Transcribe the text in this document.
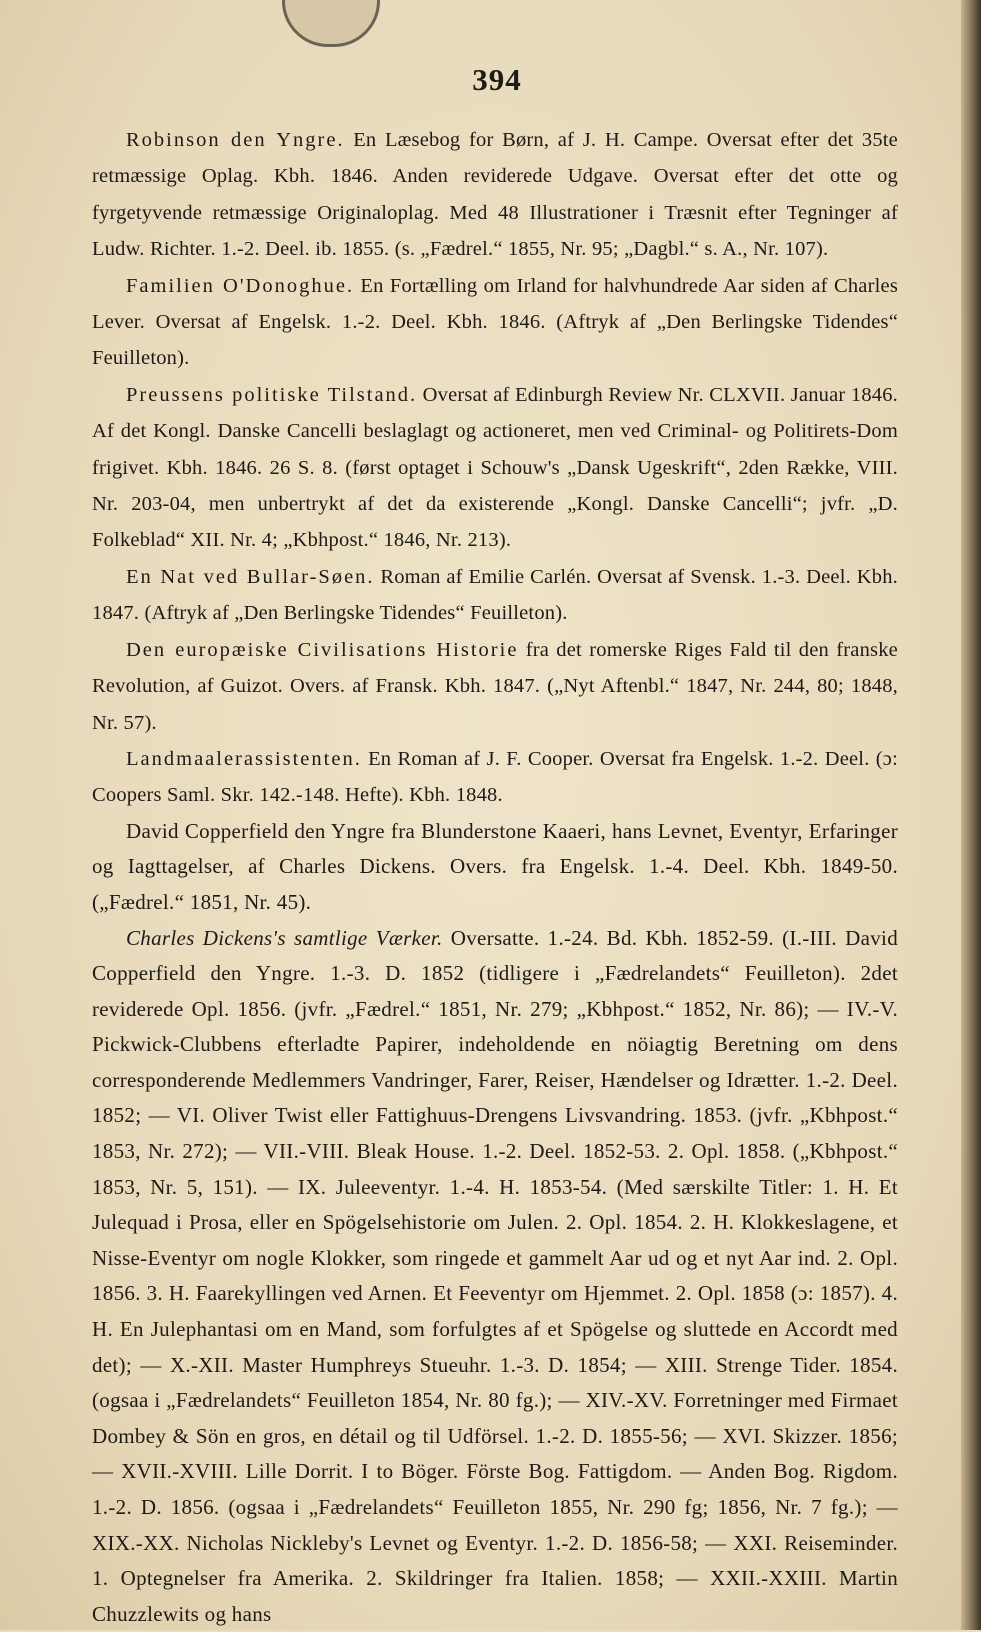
394

Robinson den Yngre. En Læsebog for Børn, af J. H. Campe. Oversat efter det 35te retmæssige Oplag. Kbh. 1846. Anden reviderede Udgave. Oversat efter det otte og fyrgetyvende retmæssige Originaloplag. Med 48 Illustrationer i Træsnit efter Tegninger af Ludw. Richter. 1.-2. Deel. ib. 1855. (s. „Fædrel.“ 1855, Nr. 95; „Dagbl.“ s. A., Nr. 107).

Familien O'Donoghue. En Fortælling om Irland for halvhundrede Aar siden af Charles Lever. Oversat af Engelsk. 1.-2. Deel. Kbh. 1846. (Aftryk af „Den Berlingske Tidendes“ Feuilleton).

Preussens politiske Tilstand. Oversat af Edinburgh Review Nr. CLXVII. Januar 1846. Af det Kongl. Danske Cancelli beslaglagt og actioneret, men ved Criminal- og Politirets-Dom frigivet. Kbh. 1846. 26 S. 8. (først optaget i Schouw's „Dansk Ugeskrift“, 2den Række, VIII. Nr. 203-04, men unbertrykt af det da existerende „Kongl. Danske Cancelli“; jvfr. „D. Folkeblad“ XII. Nr. 4; „Kbhpost.“ 1846, Nr. 213).

En Nat ved Bullar-Søen. Roman af Emilie Carlén. Oversat af Svensk. 1.-3. Deel. Kbh. 1847. (Aftryk af „Den Berlingske Tidendes“ Feuilleton).

Den europæiske Civilisations Historie fra det romerske Riges Fald til den franske Revolution, af Guizot. Overs. af Fransk. Kbh. 1847. („Nyt Aftenbl.“ 1847, Nr. 244, 80; 1848, Nr. 57).

Landmaalerassistenten. En Roman af J. F. Cooper. Oversat fra Engelsk. 1.-2. Deel. (ɔ: Coopers Saml. Skr. 142.-148. Hefte). Kbh. 1848.

David Copperfield den Yngre fra Blunderstone Kaaeri, hans Levnet, Eventyr, Erfaringer og Iagttagelser, af Charles Dickens. Overs. fra Engelsk. 1.-4. Deel. Kbh. 1849-50. („Fædrel.“ 1851, Nr. 45).

Charles Dickens's samtlige Værker. Oversatte. 1.-24. Bd. Kbh. 1852-59. (I.-III. David Copperfield den Yngre. 1.-3. D. 1852 (tidligere i „Fædrelandets“ Feuilleton). 2det reviderede Opl. 1856. (jvfr. „Fædrel.“ 1851, Nr. 279; „Kbhpost.“ 1852, Nr. 86); — IV.-V. Pickwick-Clubbens efterladte Papirer, indeholdende en nöiagtig Beretning om dens corresponderende Medlemmers Vandringer, Farer, Reiser, Hændelser og Idrætter. 1.-2. Deel. 1852; — VI. Oliver Twist eller Fattighuus-Drengens Livsvandring. 1853. (jvfr. „Kbhpost.“ 1853, Nr. 272); — VII.-VIII. Bleak House. 1.-2. Deel. 1852-53. 2. Opl. 1858. („Kbhpost.“ 1853, Nr. 5, 151). — IX. Juleeventyr. 1.-4. H. 1853-54. (Med særskilte Titler: 1. H. Et Julequad i Prosa, eller en Spögelsehistorie om Julen. 2. Opl. 1854. 2. H. Klokkeslagene, et Nisse-Eventyr om nogle Klokker, som ringede et gammelt Aar ud og et nyt Aar ind. 2. Opl. 1856. 3. H. Faarekyllingen ved Arnen. Et Feeventyr om Hjemmet. 2. Opl. 1858 (ɔ: 1857). 4. H. En Julephantasi om en Mand, som forfulgtes af et Spögelse og sluttede en Accordt med det); — X.-XII. Master Humphreys Stueuhr. 1.-3. D. 1854; — XIII. Strenge Tider. 1854. (ogsaa i „Fædrelandets“ Feuilleton 1854, Nr. 80 fg.); — XIV.-XV. Forretninger med Firmaet Dombey & Sön en gros, en détail og til Udförsel. 1.-2. D. 1855-56; — XVI. Skizzer. 1856; — XVII.-XVIII. Lille Dorrit. I to Böger. Förste Bog. Fattigdom. — Anden Bog. Rigdom. 1.-2. D. 1856. (ogsaa i „Fædrelandets“ Feuilleton 1855, Nr. 290 fg; 1856, Nr. 7 fg.); — XIX.-XX. Nicholas Nickleby's Levnet og Eventyr. 1.-2. D. 1856-58; — XXI. Reiseminder. 1. Optegnelser fra Amerika. 2. Skildringer fra Italien. 1858; — XXII.-XXIII. Martin Chuzzlewits og hans
